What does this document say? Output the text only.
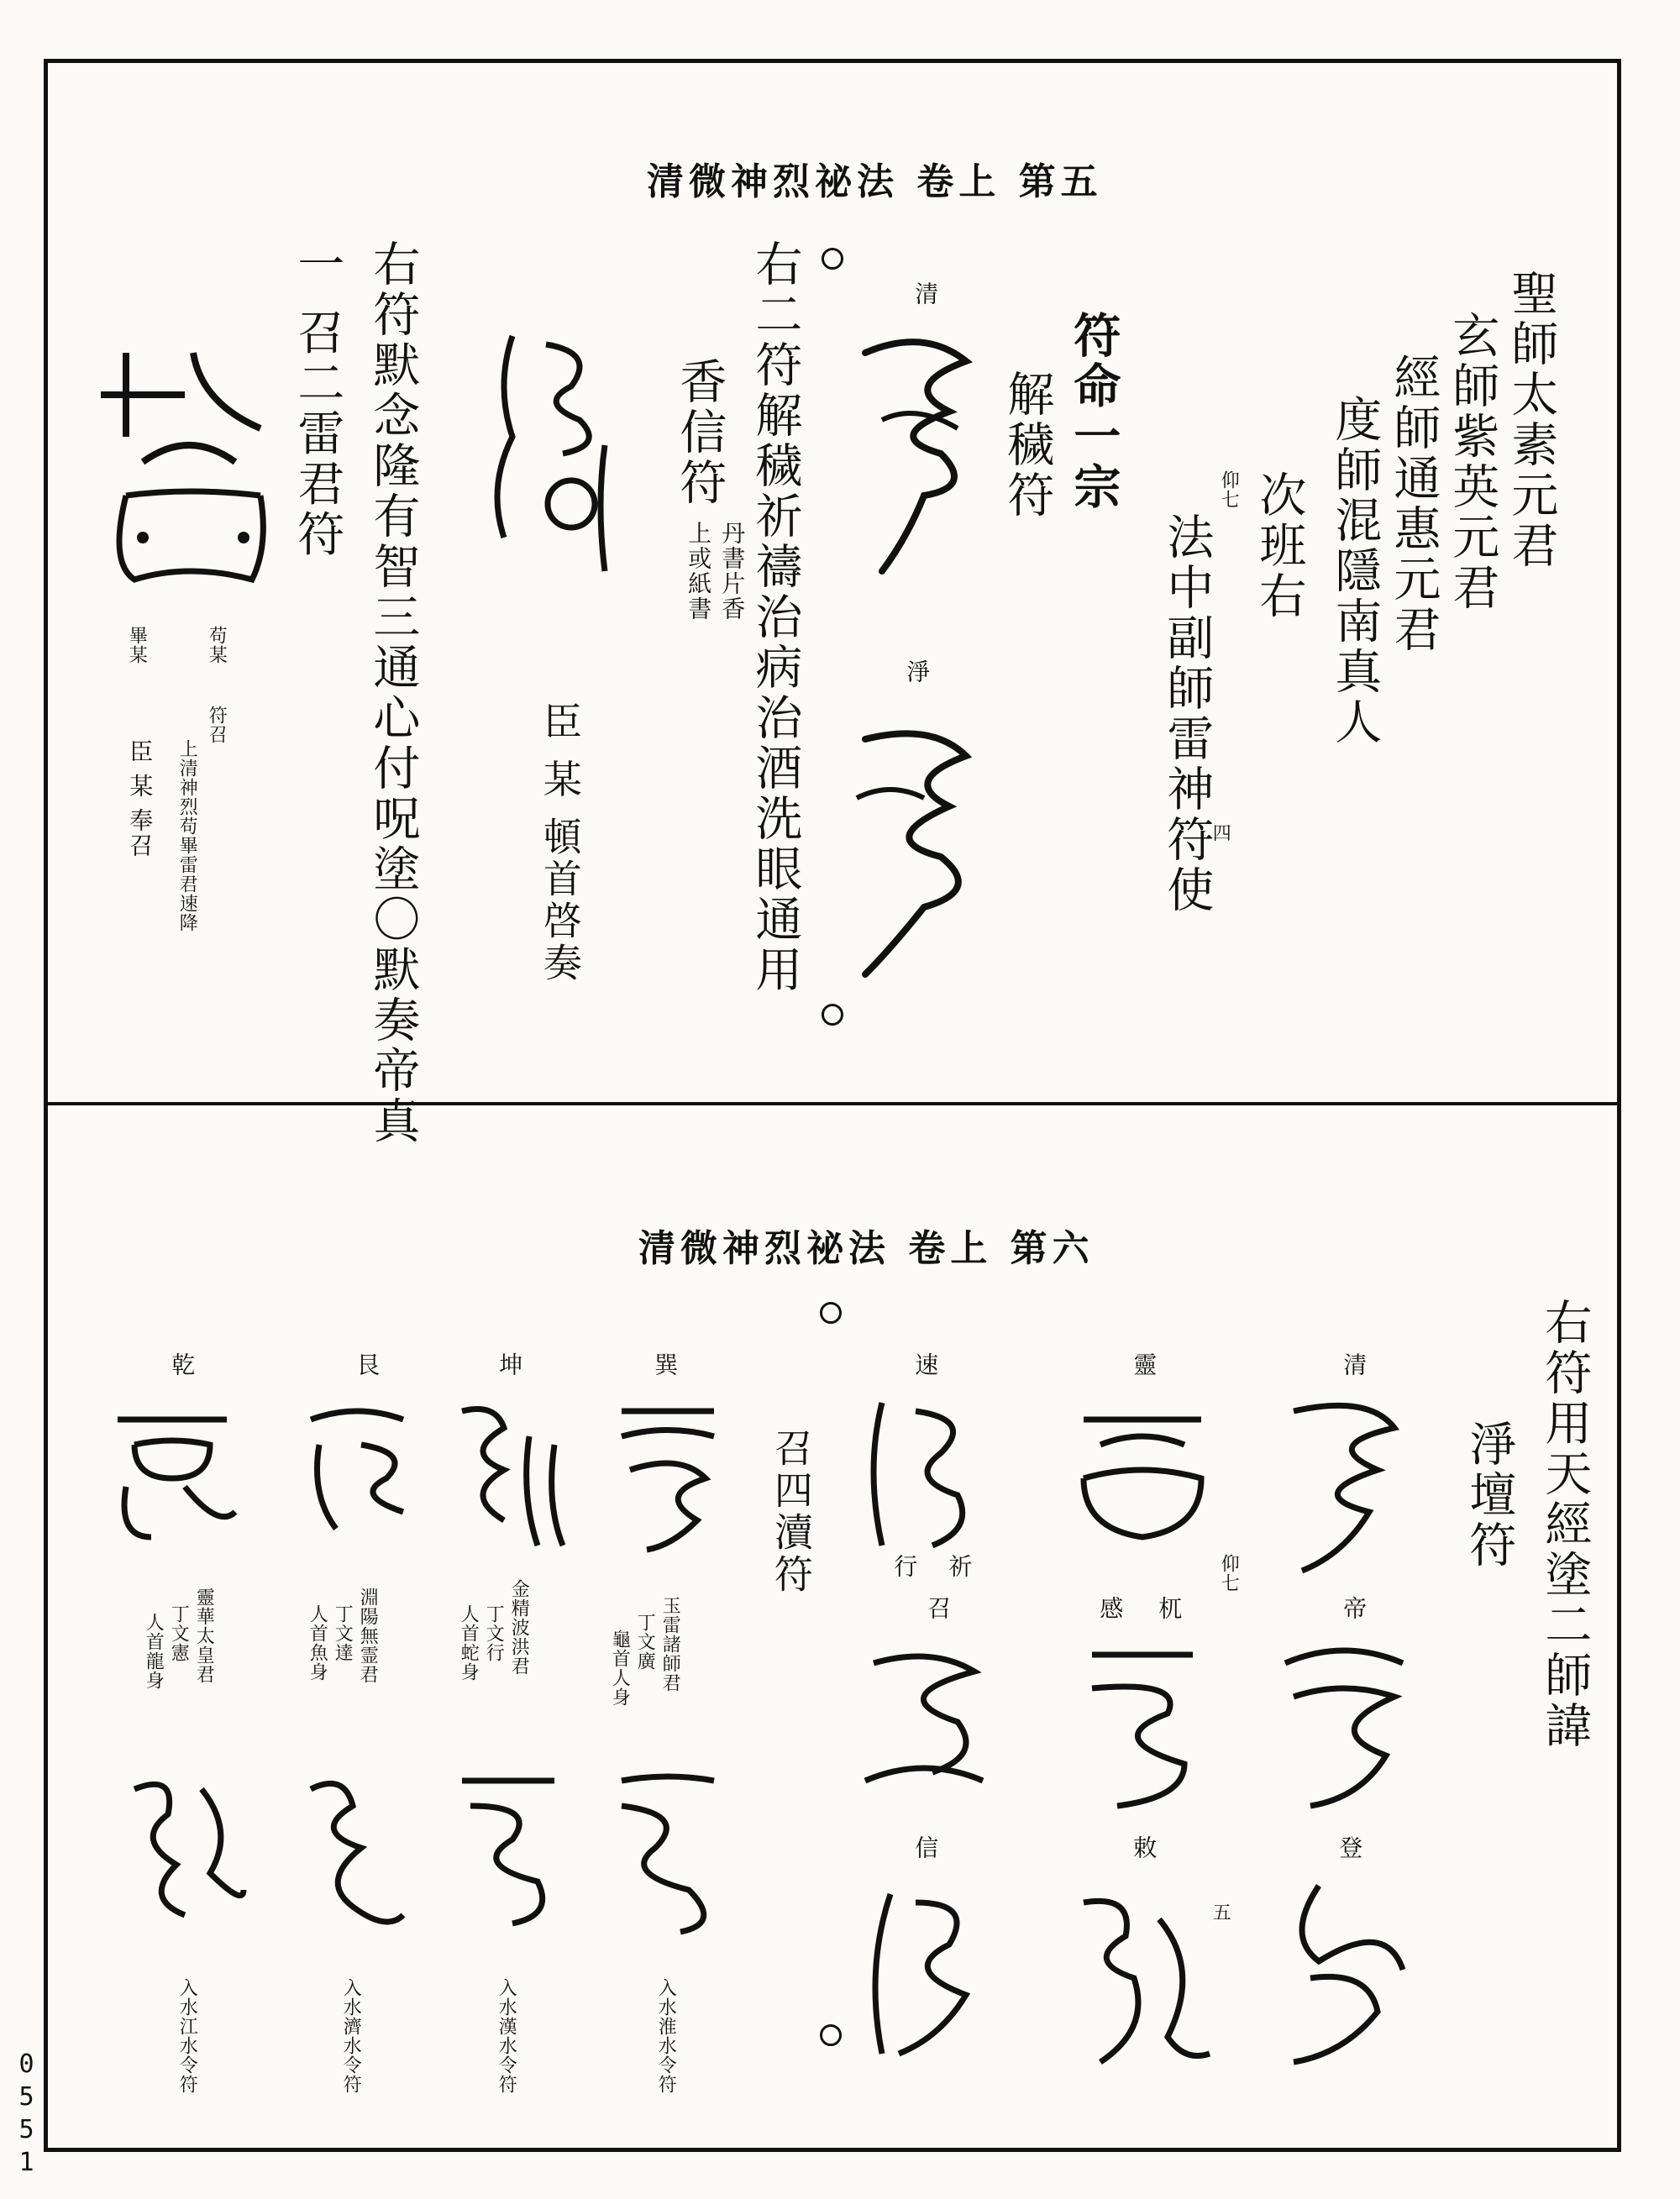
清微神烈祕法 卷上 第五
聖師太素元君
玄師紫英元君
經師通惠元君
度師混隱南真人
次班右
仰七
法中副師雷神符使
四
符命一宗
解穢符
清
淨
右二符解穢祈禱治病治酒洗眼通用
香信符
丹書片香
上或紙書
臣 某 頓首啓奏
右符默念隆有智三通心付呪塗〇默奏帝真
一 召二雷君符
符召
上清神烈苟畢雷君速降
苟某
畢某
臣 某 奉召
清微神烈祕法 卷上 第六
右符用天經塗二師諱
淨壇符
清
靈
速
帝
杌
感
行 祈
召
登
敕
信
仰七
五
召四瀆符
巽
坤
艮
乾
玉雷諸師君
丁文廣
龜首人身
金精波洪君
丁文行
人首蛇身
淵陽無霊君
丁文達
人首魚身
靈華太皇君
丁文憲
人首龍身
入水淮水令符
入水漢水令符
入水濟水令符
入水江水令符
0551
